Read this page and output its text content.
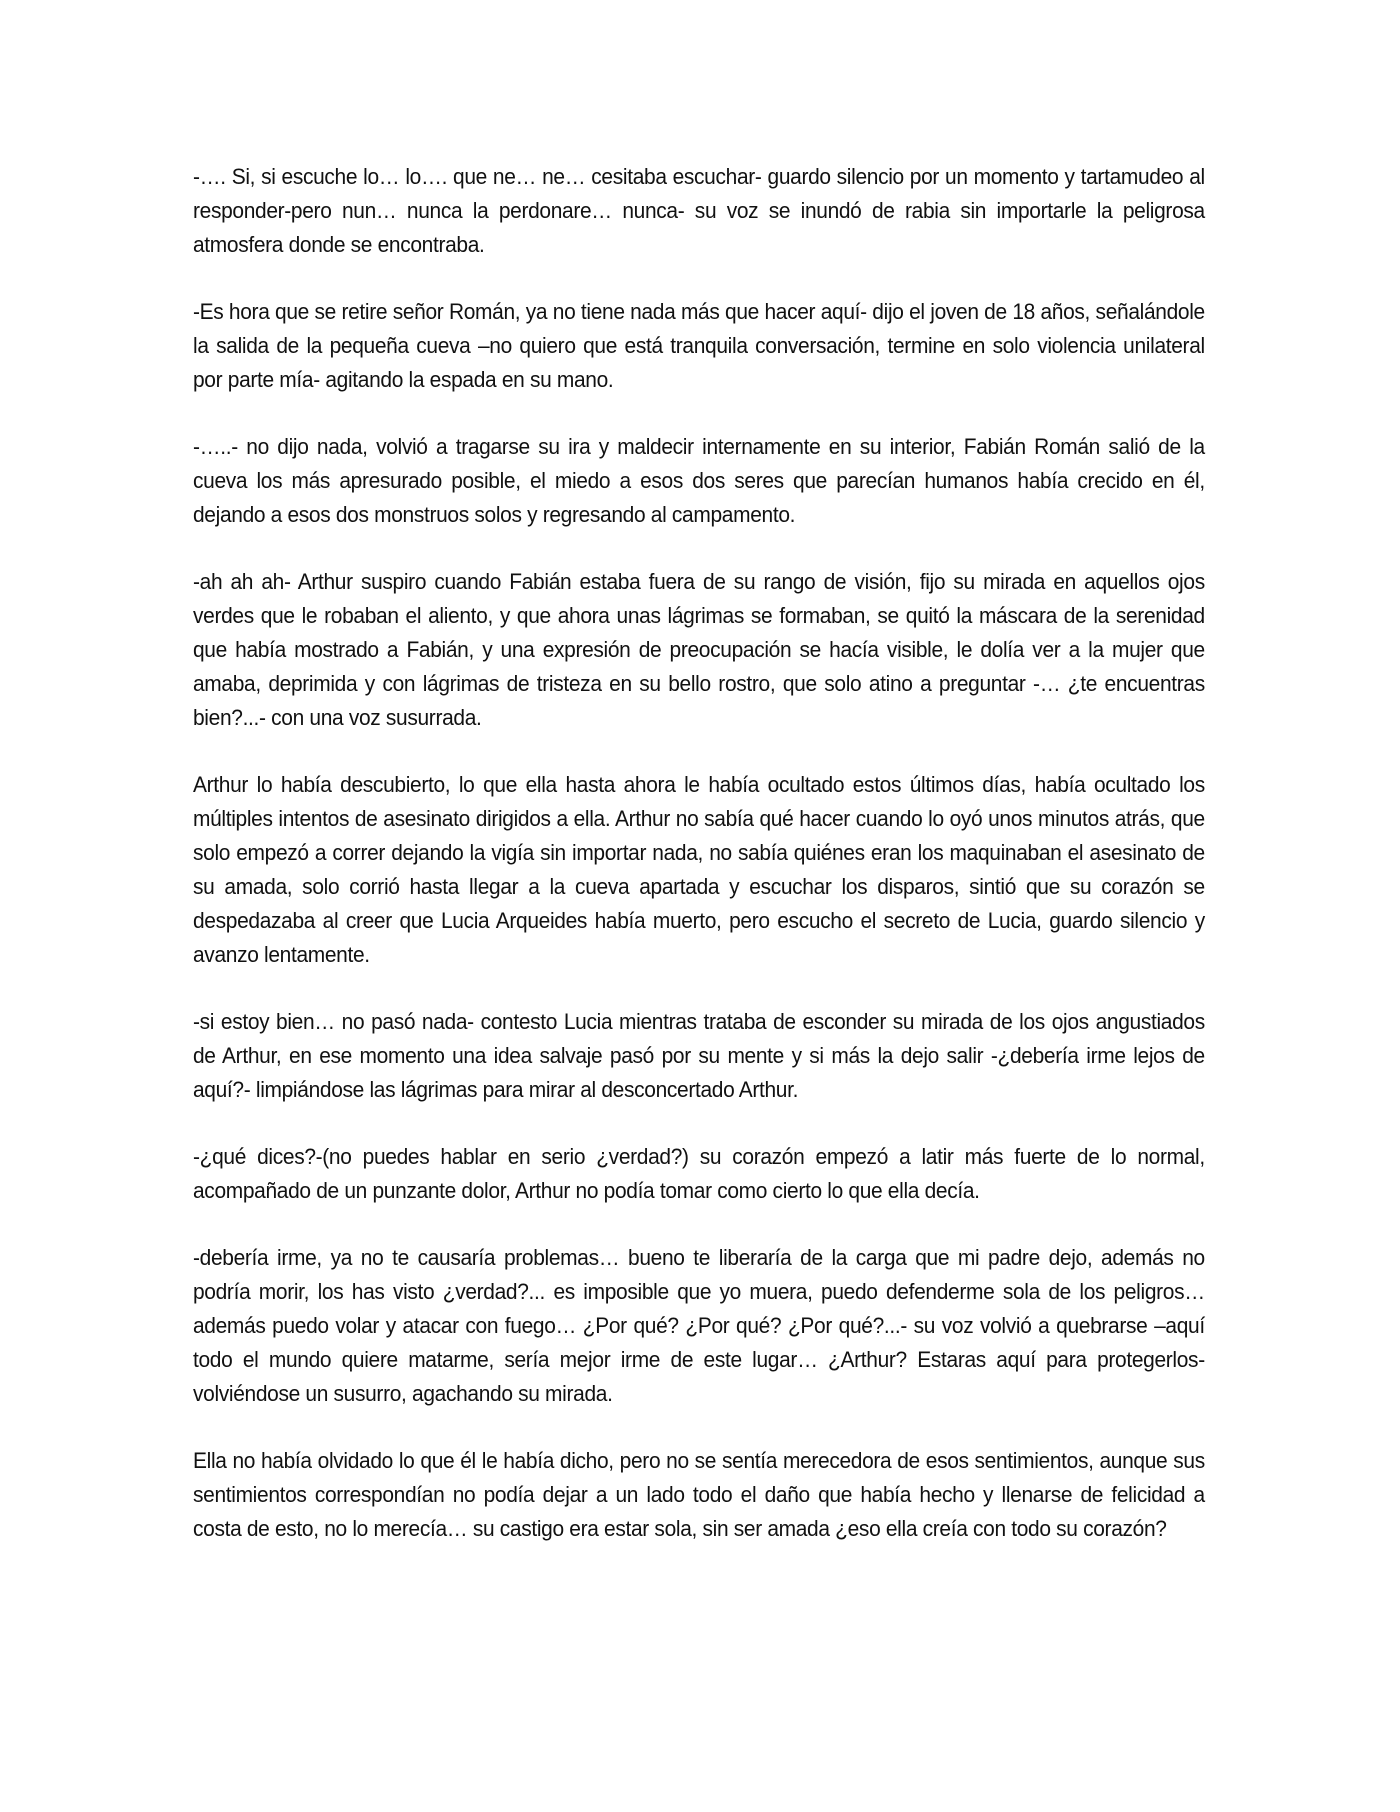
-…. Si, si escuche lo… lo…. que ne… ne… cesitaba escuchar- guardo silencio por un momento y tartamudeo al responder-pero nun… nunca la perdonare… nunca- su voz se inundó de rabia sin importarle la peligrosa atmosfera donde se encontraba.

-Es hora que se retire señor Román, ya no tiene nada más que hacer aquí- dijo el joven de 18 años, señalándole la salida de la pequeña cueva –no quiero que está tranquila conversación, termine en solo violencia unilateral por parte mía- agitando la espada en su mano.

-…..- no dijo nada, volvió a tragarse su ira y maldecir internamente en su interior, Fabián Román salió de la cueva los más apresurado posible, el miedo a esos dos seres que parecían humanos había crecido en él, dejando a esos dos monstruos solos y regresando al campamento.

-ah ah ah- Arthur suspiro cuando Fabián estaba fuera de su rango de visión, fijo su mirada en aquellos ojos verdes que le robaban el aliento, y que ahora unas lágrimas se formaban, se quitó la máscara de la serenidad que había mostrado a Fabián, y una expresión de preocupación se hacía visible, le dolía ver a la mujer que amaba, deprimida y con lágrimas de tristeza en su bello rostro, que solo atino a preguntar -… ¿te encuentras bien?...- con una voz susurrada.

Arthur lo había descubierto, lo que ella hasta ahora le había ocultado estos últimos días, había ocultado los múltiples intentos de asesinato dirigidos a ella. Arthur no sabía qué hacer cuando lo oyó unos minutos atrás, que solo empezó a correr dejando la vigía sin importar nada, no sabía quiénes eran los maquinaban el asesinato de su amada, solo corrió hasta llegar a la cueva apartada y escuchar los disparos, sintió que su corazón se despedazaba al creer que Lucia Arqueides había muerto, pero escucho el secreto de Lucia, guardo silencio y avanzo lentamente.

-si estoy bien… no pasó nada- contesto Lucia mientras trataba de esconder su mirada de los ojos angustiados de Arthur, en ese momento una idea salvaje pasó por su mente y si más la dejo salir -¿debería irme lejos de aquí?- limpiándose las lágrimas para mirar al desconcertado Arthur.

-¿qué dices?-(no puedes hablar en serio ¿verdad?) su corazón empezó a latir más fuerte de lo normal, acompañado de un punzante dolor, Arthur no podía tomar como cierto lo que ella decía.

-debería irme, ya no te causaría problemas… bueno te liberaría de la carga que mi padre dejo, además no podría morir, los has visto ¿verdad?... es imposible que yo muera, puedo defenderme sola de los peligros… además puedo volar y atacar con fuego… ¿Por qué? ¿Por qué? ¿Por qué?...- su voz volvió a quebrarse –aquí todo el mundo quiere matarme, sería mejor irme de este lugar… ¿Arthur? Estaras aquí para protegerlos- volviéndose un susurro, agachando su mirada.

Ella no había olvidado lo que él le había dicho, pero no se sentía merecedora de esos sentimientos, aunque sus sentimientos correspondían no podía dejar a un lado todo el daño que había hecho y llenarse de felicidad a costa de esto, no lo merecía… su castigo era estar sola, sin ser amada ¿eso ella creía con todo su corazón?
